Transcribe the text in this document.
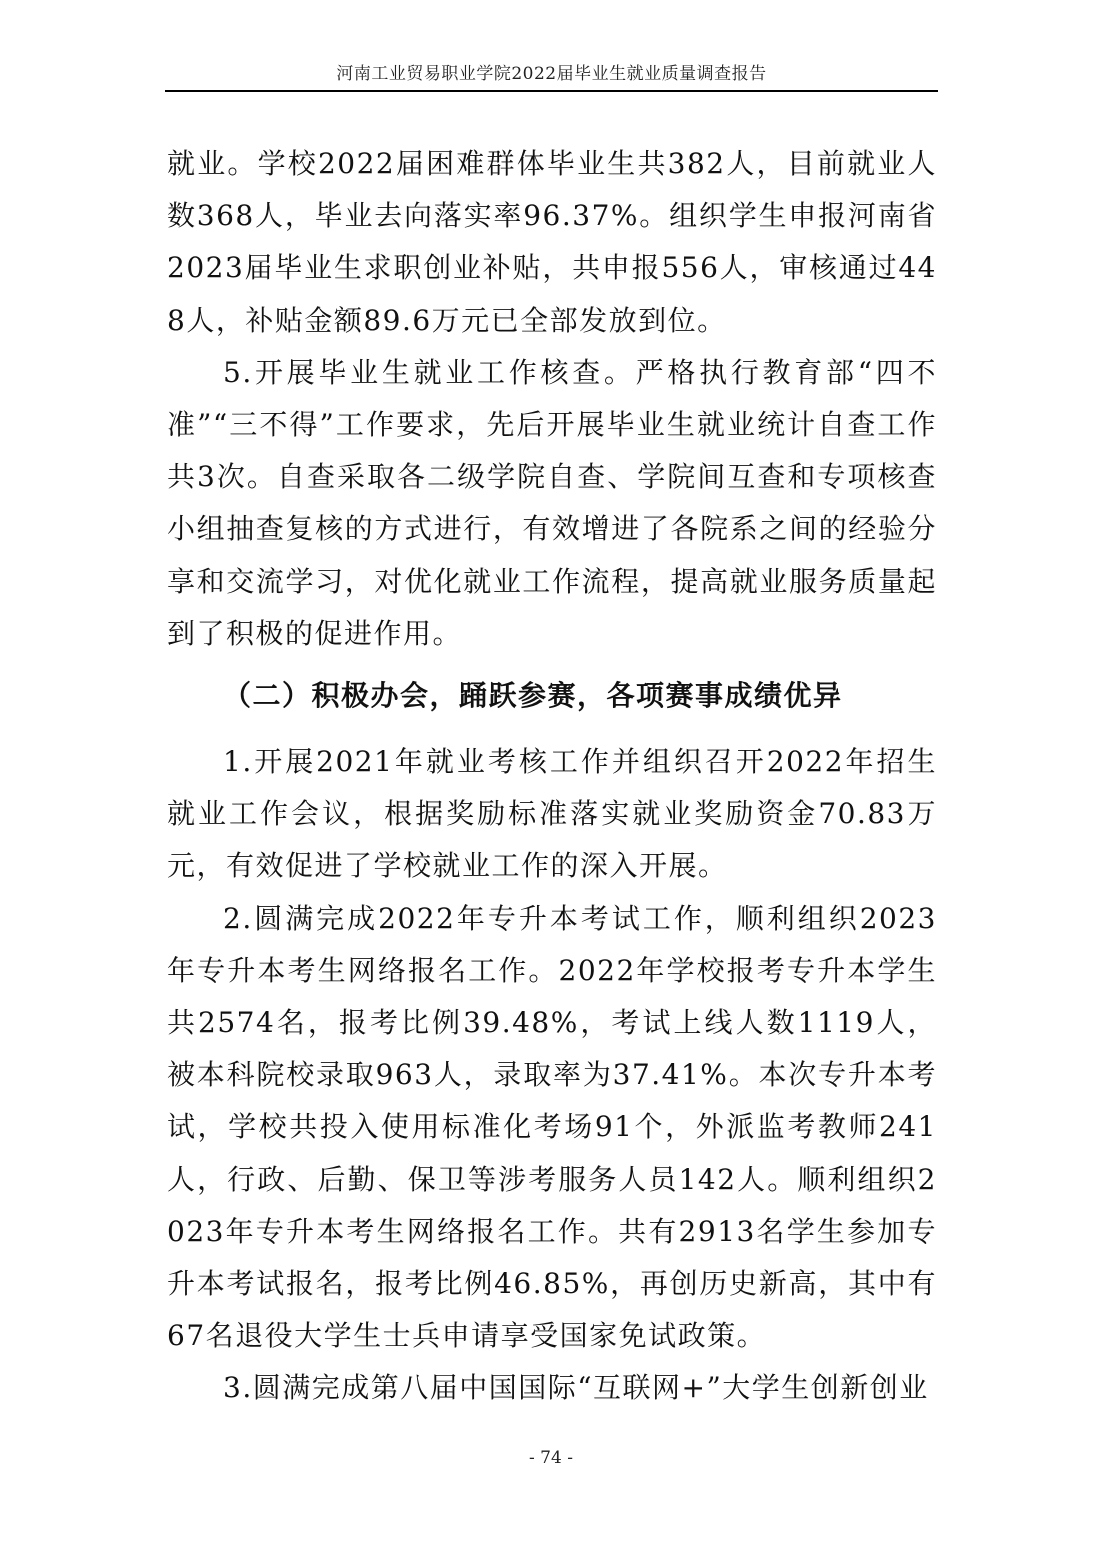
河南工业贸易职业学院2022届毕业生就业质量调查报告

就业。学校2022届困难群体毕业生共382人，目前就业人数368人，毕业去向落实率96.37%。组织学生申报河南省2023届毕业生求职创业补贴，共申报556人，审核通过448人，补贴金额89.6万元已全部发放到位。

5.开展毕业生就业工作核查。严格执行教育部“四不准”“三不得”工作要求，先后开展毕业生就业统计自查工作共3次。自查采取各二级学院自查、学院间互查和专项核查小组抽查复核的方式进行，有效增进了各院系之间的经验分享和交流学习，对优化就业工作流程，提高就业服务质量起到了积极的促进作用。

（二）积极办会，踊跃参赛，各项赛事成绩优异

1.开展2021年就业考核工作并组织召开2022年招生就业工作会议，根据奖励标准落实就业奖励资金70.83万元，有效促进了学校就业工作的深入开展。

2.圆满完成2022年专升本考试工作，顺利组织2023年专升本考生网络报名工作。2022年学校报考专升本学生共2574名，报考比例39.48%，考试上线人数1119人，被本科院校录取963人，录取率为37.41%。本次专升本考试，学校共投入使用标准化考场91个，外派监考教师241人，行政、后勤、保卫等涉考服务人员142人。顺利组织2023年专升本考生网络报名工作。共有2913名学生参加专升本考试报名，报考比例46.85%，再创历史新高，其中有67名退役大学生士兵申请享受国家免试政策。

3.圆满完成第八届中国国际“互联网+”大学生创新创业

- 74 -
